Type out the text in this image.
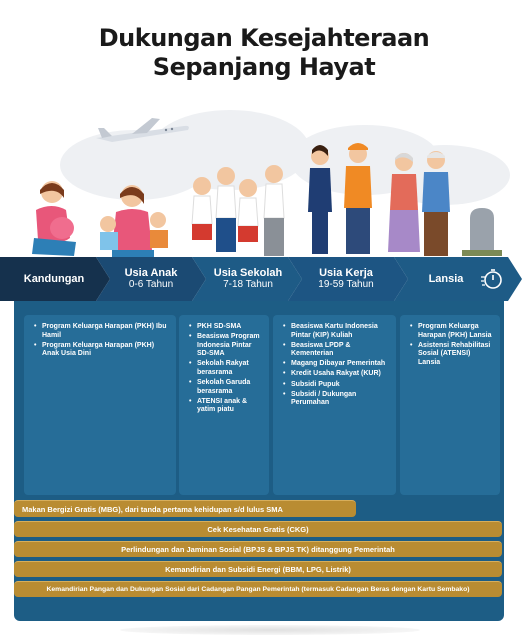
Dukungan Kesejahteraan
Sepanjang Hayat
Kandungan	Usia Anak
0-6 Tahun
Usia Sekolah
7-18 Tahun
Usia Kerja
19-59 Tahun	Lansia
• Program Keluarga Harapan (PKH) Ibu Hamil
• Program Keluarga Harapan (PKH) Anak Usia Dini
• PKH SD-SMA
• Beasiswa Program Indonesia Pintar SD-SMA
• Sekolah Rakyat berasrama
• Sekolah Garuda berasrama
• ATENSI anak & yatim piatu
• Beasiswa Kartu Indonesia Pintar (KIP) Kuliah
• Beasiswa LPDP & Kementerian
• Magang Dibayar Pemerintah
• Kredit Usaha Rakyat (KUR)
• Subsidi Pupuk
• Subsidi / Dukungan Perumahan
• Program Keluarga Harapan (PKH) Lansia
• Asistensi Rehabilitasi Sosial (ATENSI) Lansia
Makan Bergizi Gratis (MBG), dari tanda pertama kehidupan s/d lulus SMA
Cek Kesehatan Gratis (CKG)
Perlindungan dan Jaminan Sosial (BPJS & BPJS TK) ditanggung Pemerintah
Kemandirian dan Subsidi Energi (BBM, LPG, Listrik)
Kemandirian Pangan dan Dukungan Sosial dari Cadangan Pangan Pemerintah (termasuk Cadangan Beras dengan Kartu Sembako)
